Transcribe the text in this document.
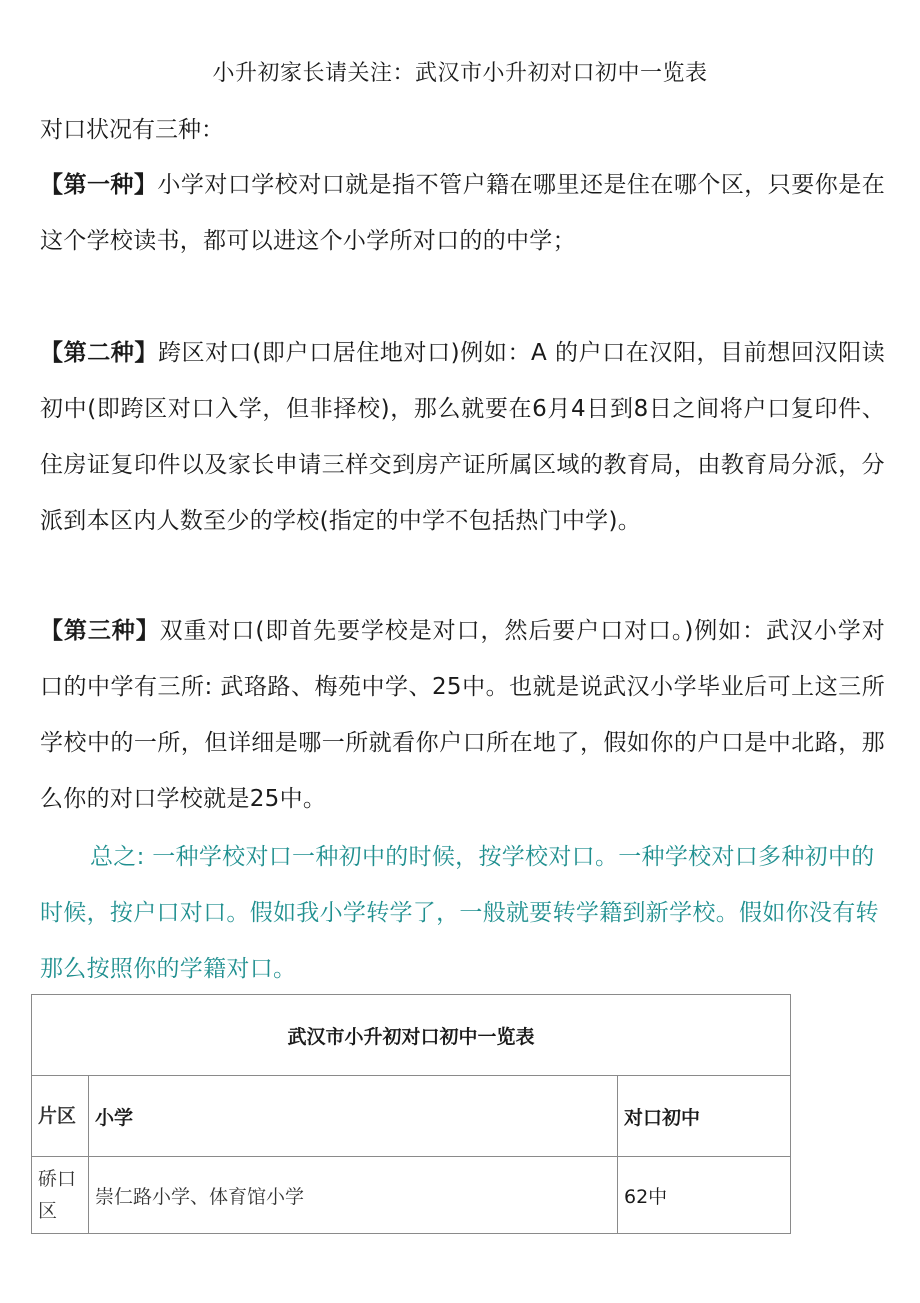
小升初家长请关注：武汉市小升初对口初中一览表
对口状况有三种：
【第一种】小学对口学校对口就是指不管户籍在哪里还是住在哪个区，只要你是在这个学校读书，都可以进这个小学所对口的的中学；
【第二种】跨区对口(即户口居住地对口)例如：A 的户口在汉阳，目前想回汉阳读初中(即跨区对口入学，但非择校)，那么就要在6月4日到8日之间将户口复印件、住房证复印件以及家长申请三样交到房产证所属区域的教育局，由教育局分派，分派到本区内人数至少的学校(指定的中学不包括热门中学)。
【第三种】双重对口(即首先要学校是对口，然后要户口对口。)例如：武汉小学对口的中学有三所: 武珞路、梅苑中学、25中。也就是说武汉小学毕业后可上这三所学校中的一所，但详细是哪一所就看你户口所在地了，假如你的户口是中北路，那么你的对口学校就是25中。
总之: 一种学校对口一种初中的时候，按学校对口。一种学校对口多种初中的时候，按户口对口。假如我小学转学了，一般就要转学籍到新学校。假如你没有转 那么按照你的学籍对口。
武汉市小升初对口初中一览表		
片区	小学	对口初中
硚口区	崇仁路小学、体育馆小学	62中
